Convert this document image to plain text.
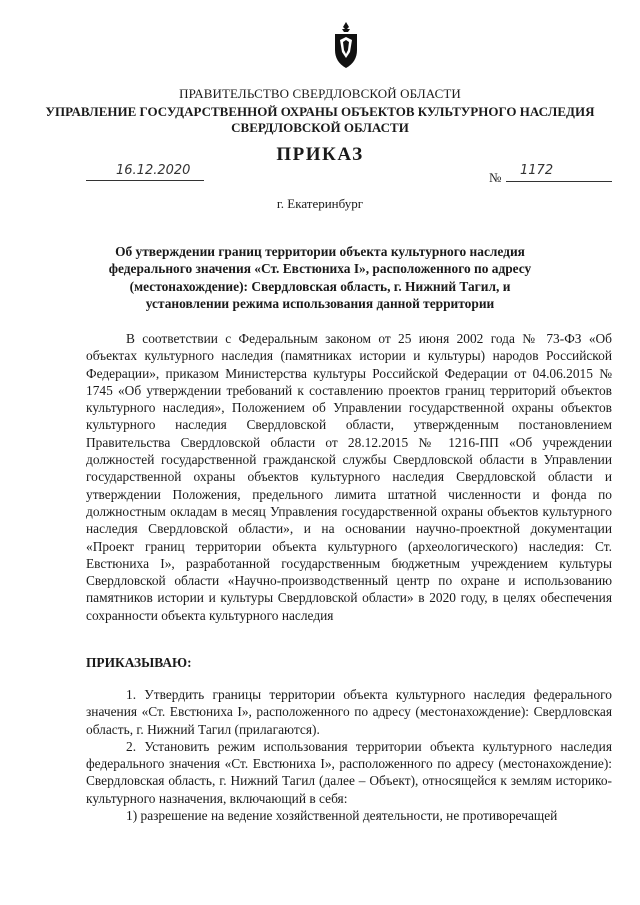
ПРАВИТЕЛЬСТВО СВЕРДЛОВСКОЙ ОБЛАСТИ
УПРАВЛЕНИЕ ГОСУДАРСТВЕННОЙ ОХРАНЫ ОБЪЕКТОВ КУЛЬТУРНОГО НАСЛЕДИЯ
СВЕРДЛОВСКОЙ ОБЛАСТИ
ПРИКАЗ
16.12.2020	№ 1172
г. Екатеринбург
Об утверждении границ территории объекта культурного наследия федерального значения «Ст. Евстюниха I», расположенного по адресу (местонахождение): Свердловская область, г. Нижний Тагил, и установлении режима использования данной территории

В соответствии с Федеральным законом от 25 июня 2002 года № 73-ФЗ «Об объектах культурного наследия (памятниках истории и культуры) народов Российской Федерации», приказом Министерства культуры Российской Федерации от 04.06.2015 № 1745 «Об утверждении требований к составлению проектов границ территорий объектов культурного наследия», Положением об Управлении государственной охраны объектов культурного наследия Свердловской области, утвержденным постановлением Правительства Свердловской области от 28.12.2015 № 1216-ПП «Об учреждении должностей государственной гражданской службы Свердловской области в Управлении государственной охраны объектов культурного наследия Свердловской области и утверждении Положения, предельного лимита штатной численности и фонда по должностным окладам в месяц Управления государственной охраны объектов культурного наследия Свердловской области», и на основании научно-проектной документации «Проект границ территории объекта культурного (археологического) наследия: Ст. Евстюниха I», разработанной государственным бюджетным учреждением культуры Свердловской области «Научно-производственный центр по охране и использованию памятников истории и культуры Свердловской области» в 2020 году, в целях обеспечения сохранности объекта культурного наследия

ПРИКАЗЫВАЮ:

1. Утвердить границы территории объекта культурного наследия федерального значения «Ст. Евстюниха I», расположенного по адресу (местонахождение): Свердловская область, г. Нижний Тагил (прилагаются).

2. Установить режим использования территории объекта культурного наследия федерального значения «Ст. Евстюниха I», расположенного по адресу (местонахождение): Свердловская область, г. Нижний Тагил (далее – Объект), относящейся к землям историко-культурного назначения, включающий в себя:

1) разрешение на ведение хозяйственной деятельности, не противоречащей
